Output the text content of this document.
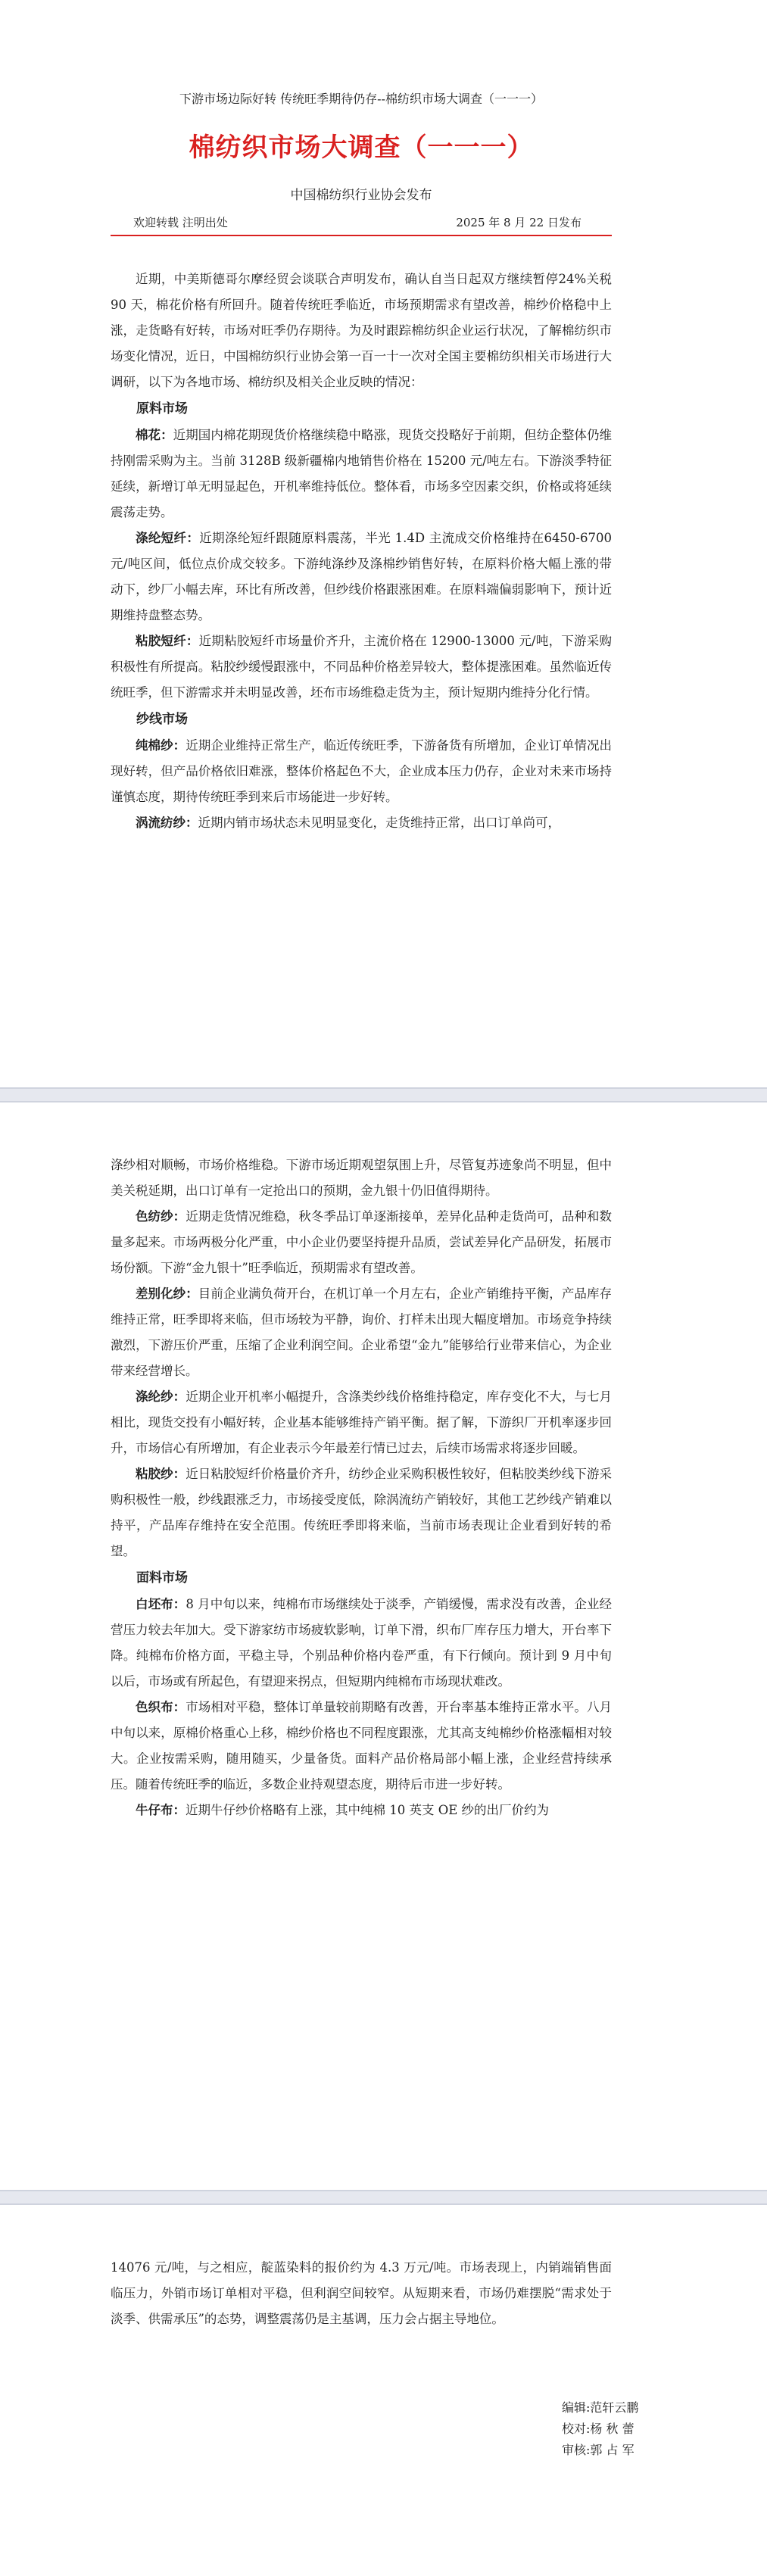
下游市场边际好转 传统旺季期待仍存--棉纺织市场大调查（一一一）

棉纺织市场大调查（一一一）

中国棉纺织行业协会发布

欢迎转载 注明出处	2025 年 8 月 22 日发布

近期，中美斯德哥尔摩经贸会谈联合声明发布，确认自当日起双方继续暂停24%关税 90 天，棉花价格有所回升。随着传统旺季临近，市场预期需求有望改善，棉纱价格稳中上涨，走货略有好转，市场对旺季仍存期待。为及时跟踪棉纺织企业运行状况，了解棉纺织市场变化情况，近日，中国棉纺织行业协会第一百一十一次对全国主要棉纺织相关市场进行大调研，以下为各地市场、棉纺织及相关企业反映的情况：

原料市场

棉花：近期国内棉花期现货价格继续稳中略涨，现货交投略好于前期，但纺企整体仍维持刚需采购为主。当前 3128B 级新疆棉内地销售价格在 15200 元/吨左右。下游淡季特征延续，新增订单无明显起色，开机率维持低位。整体看，市场多空因素交织，价格或将延续震荡走势。

涤纶短纤：近期涤纶短纤跟随原料震荡，半光 1.4D 主流成交价格维持在6450-6700 元/吨区间，低位点价成交较多。下游纯涤纱及涤棉纱销售好转，在原料价格大幅上涨的带动下，纱厂小幅去库，环比有所改善，但纱线价格跟涨困难。在原料端偏弱影响下，预计近期维持盘整态势。

粘胶短纤：近期粘胶短纤市场量价齐升，主流价格在 12900-13000 元/吨，下游采购积极性有所提高。粘胶纱缓慢跟涨中，不同品种价格差异较大，整体提涨困难。虽然临近传统旺季，但下游需求并未明显改善，坯布市场维稳走货为主，预计短期内维持分化行情。

纱线市场

纯棉纱：近期企业维持正常生产，临近传统旺季，下游备货有所增加，企业订单情况出现好转，但产品价格依旧难涨，整体价格起色不大，企业成本压力仍存，企业对未来市场持谨慎态度，期待传统旺季到来后市场能进一步好转。

涡流纺纱：近期内销市场状态未见明显变化，走货维持正常，出口订单尚可，

涤纱相对顺畅，市场价格维稳。下游市场近期观望氛围上升，尽管复苏迹象尚不明显，但中美关税延期，出口订单有一定抢出口的预期，金九银十仍旧值得期待。

色纺纱：近期走货情况维稳，秋冬季品订单逐渐接单，差异化品种走货尚可，品种和数量多起来。市场两极分化严重，中小企业仍要坚持提升品质，尝试差异化产品研发，拓展市场份额。下游“金九银十”旺季临近，预期需求有望改善。

差别化纱：目前企业满负荷开台，在机订单一个月左右，企业产销维持平衡，产品库存维持正常，旺季即将来临，但市场较为平静，询价、打样未出现大幅度增加。市场竞争持续激烈，下游压价严重，压缩了企业利润空间。企业希望“金九”能够给行业带来信心，为企业带来经营增长。

涤纶纱：近期企业开机率小幅提升，含涤类纱线价格维持稳定，库存变化不大，与七月相比，现货交投有小幅好转，企业基本能够维持产销平衡。据了解，下游织厂开机率逐步回升，市场信心有所增加，有企业表示今年最差行情已过去，后续市场需求将逐步回暖。

粘胶纱：近日粘胶短纤价格量价齐升，纺纱企业采购积极性较好，但粘胶类纱线下游采购积极性一般，纱线跟涨乏力，市场接受度低，除涡流纺产销较好，其他工艺纱线产销难以持平，产品库存维持在安全范围。传统旺季即将来临，当前市场表现让企业看到好转的希望。

面料市场

白坯布：8 月中旬以来，纯棉布市场继续处于淡季，产销缓慢，需求没有改善，企业经营压力较去年加大。受下游家纺市场疲软影响，订单下滑，织布厂库存压力增大，开台率下降。纯棉布价格方面，平稳主导，个别品种价格内卷严重，有下行倾向。预计到 9 月中旬以后，市场或有所起色，有望迎来拐点，但短期内纯棉布市场现状难改。

色织布：市场相对平稳，整体订单量较前期略有改善，开台率基本维持正常水平。八月中旬以来，原棉价格重心上移，棉纱价格也不同程度跟涨，尤其高支纯棉纱价格涨幅相对较大。企业按需采购，随用随买，少量备货。面料产品价格局部小幅上涨，企业经营持续承压。随着传统旺季的临近，多数企业持观望态度，期待后市进一步好转。

牛仔布：近期牛仔纱价格略有上涨，其中纯棉 10 英支 OE 纱的出厂价约为

14076 元/吨，与之相应，靛蓝染料的报价约为 4.3 万元/吨。市场表现上，内销端销售面临压力，外销市场订单相对平稳，但利润空间较窄。从短期来看，市场仍难摆脱“需求处于淡季、供需承压”的态势，调整震荡仍是主基调，压力会占据主导地位。

编辑:范轩云鹏

校对:杨 秋 蕾

审核:郭 占 军
